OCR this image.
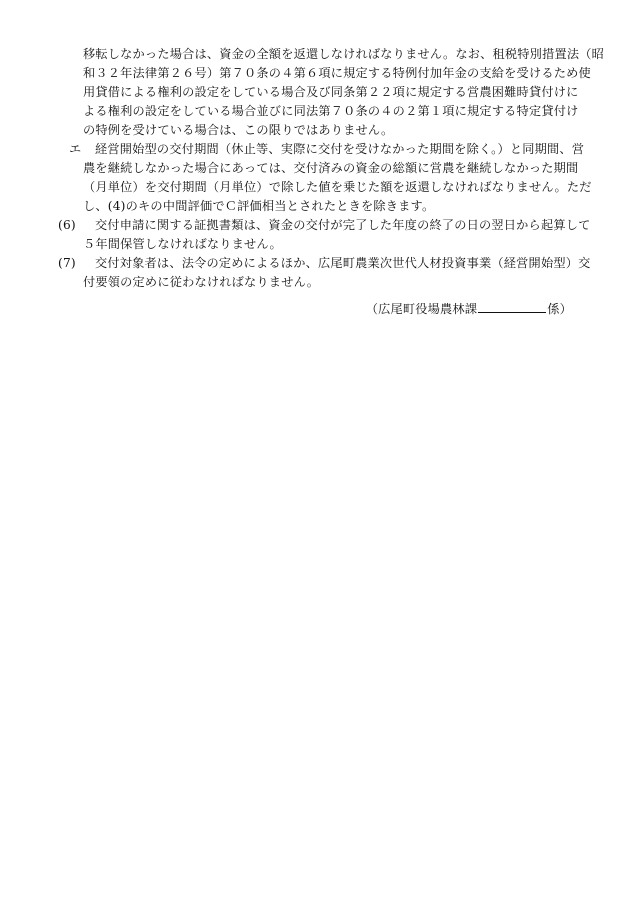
移転しなかった場合は、資金の全額を返還しなければなりません。なお、租税特別措置法（昭
和３２年法律第２６号）第７０条の４第６項に規定する特例付加年金の支給を受けるため使
用貸借による権利の設定をしている場合及び同条第２２項に規定する営農困難時貸付けに
よる権利の設定をしている場合並びに同法第７０条の４の２第１項に規定する特定貸付け
の特例を受けている場合は、この限りではありません。
エ 経営開始型の交付期間（休止等、実際に交付を受けなかった期間を除く。）と同期間、営
農を継続しなかった場合にあっては、交付済みの資金の総額に営農を継続しなかった期間
（月単位）を交付期間（月単位）で除した値を乗じた額を返還しなければなりません。ただ
し、(4)のキの中間評価でＣ評価相当とされたときを除きます。
(6) 交付申請に関する証拠書類は、資金の交付が完了した年度の終了の日の翌日から起算して
５年間保管しなければなりません。
(7) 交付対象者は、法令の定めによるほか、広尾町農業次世代人材投資事業（経営開始型）交
付要領の定めに従わなければなりません。
（広尾町役場農林課	係）
